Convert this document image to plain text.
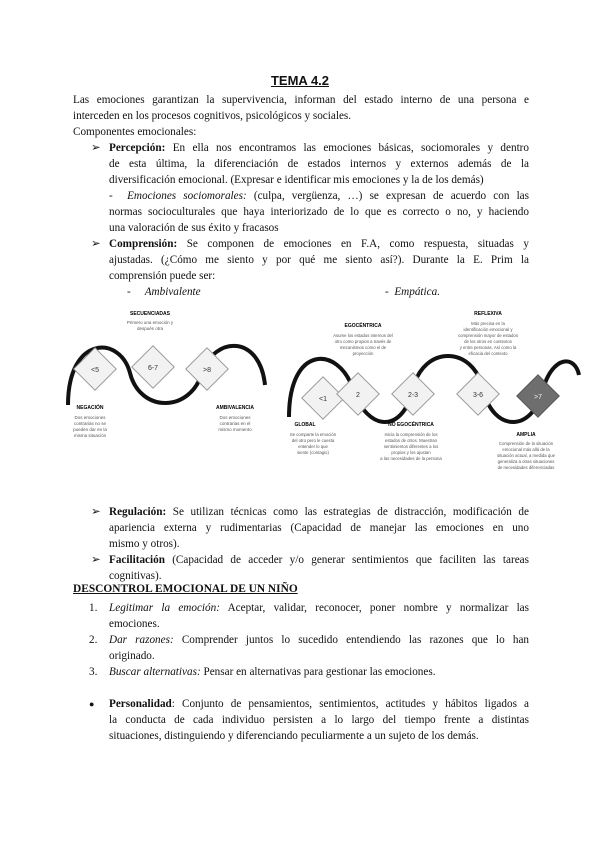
TEMA 4.2
Las emociones garantizan la supervivencia, informan del estado interno de una persona e
interceden en los procesos cognitivos, psicológicos y sociales.
Componentes emocionales:
➢ Percepción: En ella nos encontramos las emociones básicas, sociomorales y dentro
de esta última, la diferenciación de estados internos y externos además de la
diversificación emocional. (Expresar e identificar mis emociones y la de los demás)
- Emociones sociomorales: (culpa, vergüenza, …) se expresan de acuerdo con las
normas socioculturales que haya interiorizado de lo que es correcto o no, y haciendo
una valoración de sus éxito y fracasos
➢ Comprensión: Se componen de emociones en F.A, como respuesta, situadas y
ajustadas. (¿Cómo me siento y por qué me siento así?). Durante la E. Prim la
comprensión puede ser:
- Ambivalente	- Empática.
<5	6-7	>8
SECUENCIADAS
Primero una emoción y
después otra
NEGACIÓN
Dos emociones
contrarias no se
pueden dar en la
misma situación
AMBIVALENCIA
Dos emociones
contrarias en el
mismo momento
<1
2	2-3	3-6	>7
EGOCÉNTRICA
Asume los estados internos del
otro como propios a través de
mecanismos como el de
proyección
REFLEXIVA
Más precisa en la
identificación emocional y
comprensión mayor de estados
de los otros en contextos
y entre personas. Así como la
eficacia del contexto
GLOBAL
Se comparte la emoción
del otro pero le cuesta
entender lo que
siente (contagio)
NO EGOCÉNTRICA
Inicia la comprensión de los
estados de otros. Muestran
sentimientos diferentes a los
propios y los ajustan
a las necesidades de la persona
AMPLIA
Comprensión de la situación
emocional más allá de la
situación actual, a medida que
generaliza a otras situaciones
de necesidades diferenciadas
➢ Regulación: Se utilizan técnicas como las estrategias de distracción, modificación de
apariencia externa y rudimentarias (Capacidad de manejar las emociones en uno
mismo y otros).
➢ Facilitación (Capacidad de acceder y/o generar sentimientos que faciliten las tareas
cognitivas).
DESCONTROL EMOCIONAL DE UN NIÑO
1. Legitimar la emoción: Aceptar, validar, reconocer, poner nombre y normalizar las
emociones.
2. Dar razones: Comprender juntos lo sucedido entendiendo las razones que lo han
originado.
3. Buscar alternativas: Pensar en alternativas para gestionar las emociones.
● Personalidad: Conjunto de pensamientos, sentimientos, actitudes y hábitos ligados a
la conducta de cada individuo persisten a lo largo del tiempo frente a distintas
situaciones, distinguiendo y diferenciando peculiarmente a un sujeto de los demás.
